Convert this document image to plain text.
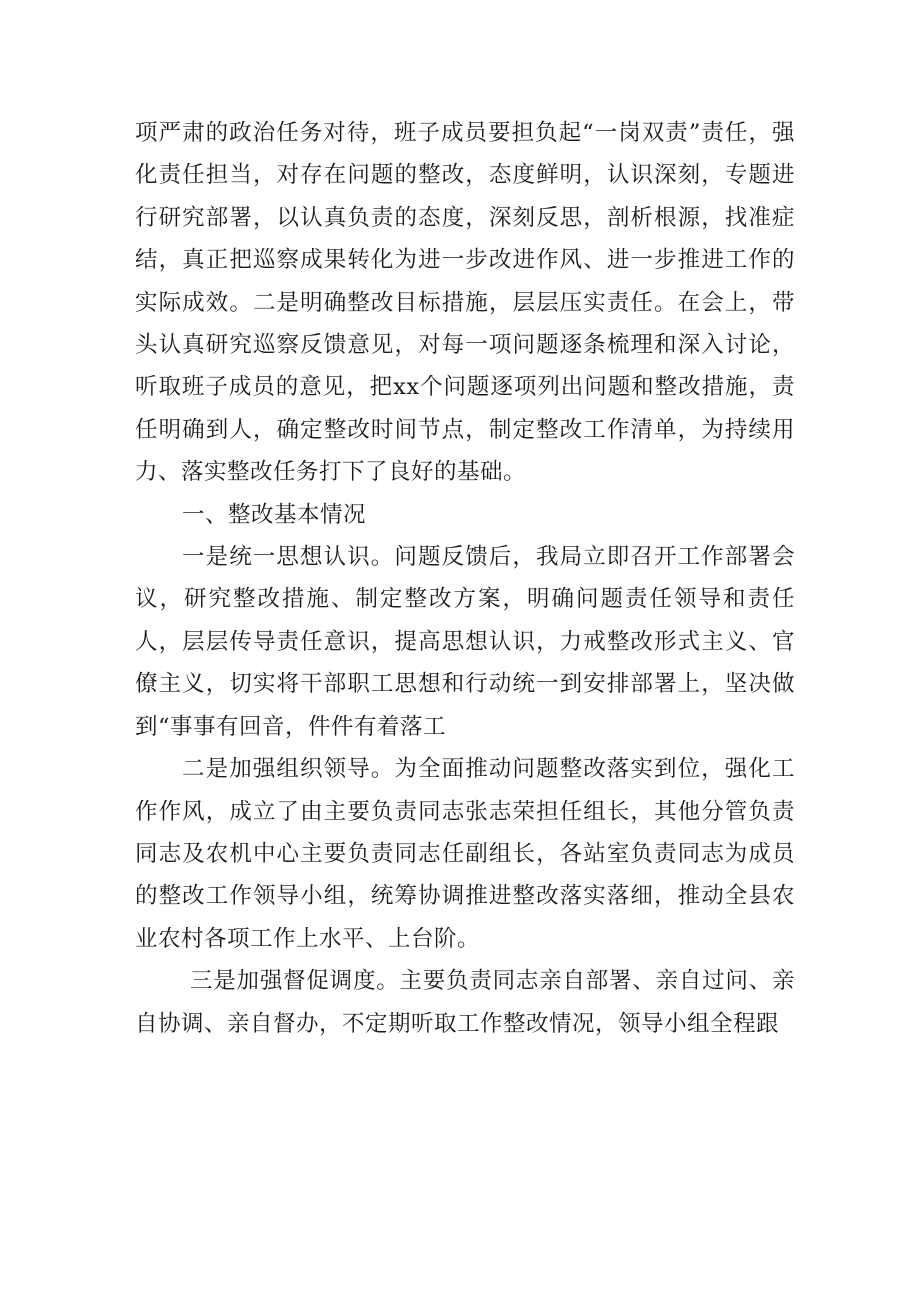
项严肃的政治任务对待，班子成员要担负起“一岗双责”责任，强化责任担当，对存在问题的整改，态度鲜明，认识深刻，专题进行研究部署，以认真负责的态度，深刻反思，剖析根源，找准症结，真正把巡察成果转化为进一步改进作风、进一步推进工作的实际成效。二是明确整改目标措施，层层压实责任。在会上，带头认真研究巡察反馈意见，对每一项问题逐条梳理和深入讨论，听取班子成员的意见，把xx个问题逐项列出问题和整改措施，责任明确到人，确定整改时间节点，制定整改工作清单，为持续用力、落实整改任务打下了良好的基础。

一、整改基本情况

一是统一思想认识。问题反馈后，我局立即召开工作部署会议，研究整改措施、制定整改方案，明确问题责任领导和责任人，层层传导责任意识，提高思想认识，力戒整改形式主义、官僚主义，切实将干部职工思想和行动统一到安排部署上，坚决做到“事事有回音，件件有着落工

二是加强组织领导。为全面推动问题整改落实到位，强化工作作风，成立了由主要负责同志张志荣担任组长，其他分管负责同志及农机中心主要负责同志任副组长，各站室负责同志为成员的整改工作领导小组，统筹协调推进整改落实落细，推动全县农业农村各项工作上水平、上台阶。

三是加强督促调度。主要负责同志亲自部署、亲自过问、亲自协调、亲自督办，不定期听取工作整改情况，领导小组全程跟
